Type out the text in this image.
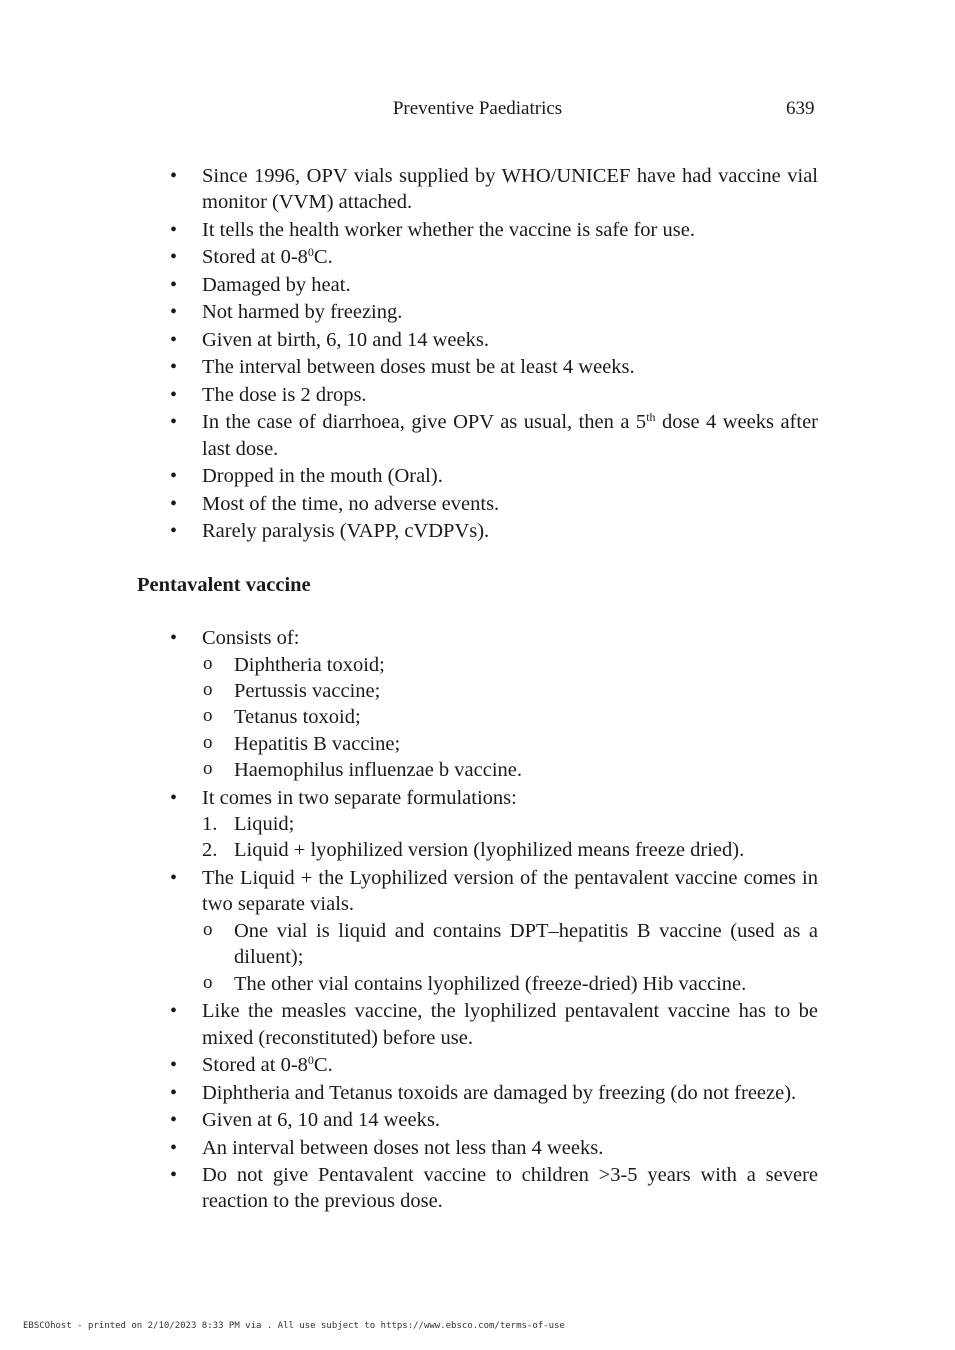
Preventive Paediatrics	639
• Since 1996, OPV vials supplied by WHO/UNICEF have had vaccine vial monitor (VVM) attached.
• It tells the health worker whether the vaccine is safe for use.
• Stored at $0-8^0C$.
• Damaged by heat.
• Not harmed by freezing.
• Given at birth, 6, 10 and 14 weeks.
• The interval between doses must be at least 4 weeks.
• The dose is 2 drops.
• In the case of diarrhoea, give OPV as usual, then a 5th dose 4 weeks after last dose.
• Dropped in the mouth (Oral).
• Most of the time, no adverse events.
• Rarely paralysis (VAPP, cVDPVs).
Pentavalent vaccine
• Consists of:
o Diphtheria toxoid;
o Pertussis vaccine;
o Tetanus toxoid;
o Hepatitis B vaccine;
o Haemophilus influenzae b vaccine.
• It comes in two separate formulations:
1. Liquid;
2. Liquid + lyophilized version (lyophilized means freeze dried).
• The Liquid + the Lyophilized version of the pentavalent vaccine comes in two separate vials.
o One vial is liquid and contains DPT–hepatitis B vaccine (used as a diluent);
o The other vial contains lyophilized (freeze-dried) Hib vaccine.
• Like the measles vaccine, the lyophilized pentavalent vaccine has to be mixed (reconstituted) before use.
• Stored at $0-8^0C$.
• Diphtheria and Tetanus toxoids are damaged by freezing (do not freeze).
• Given at 6, 10 and 14 weeks.
• An interval between doses not less than 4 weeks.
• Do not give Pentavalent vaccine to children >3-5 years with a severe reaction to the previous dose.
EBSCOhost - printed on 2/10/2023 8:33 PM via . All use subject to https://www.ebsco.com/terms-of-use
